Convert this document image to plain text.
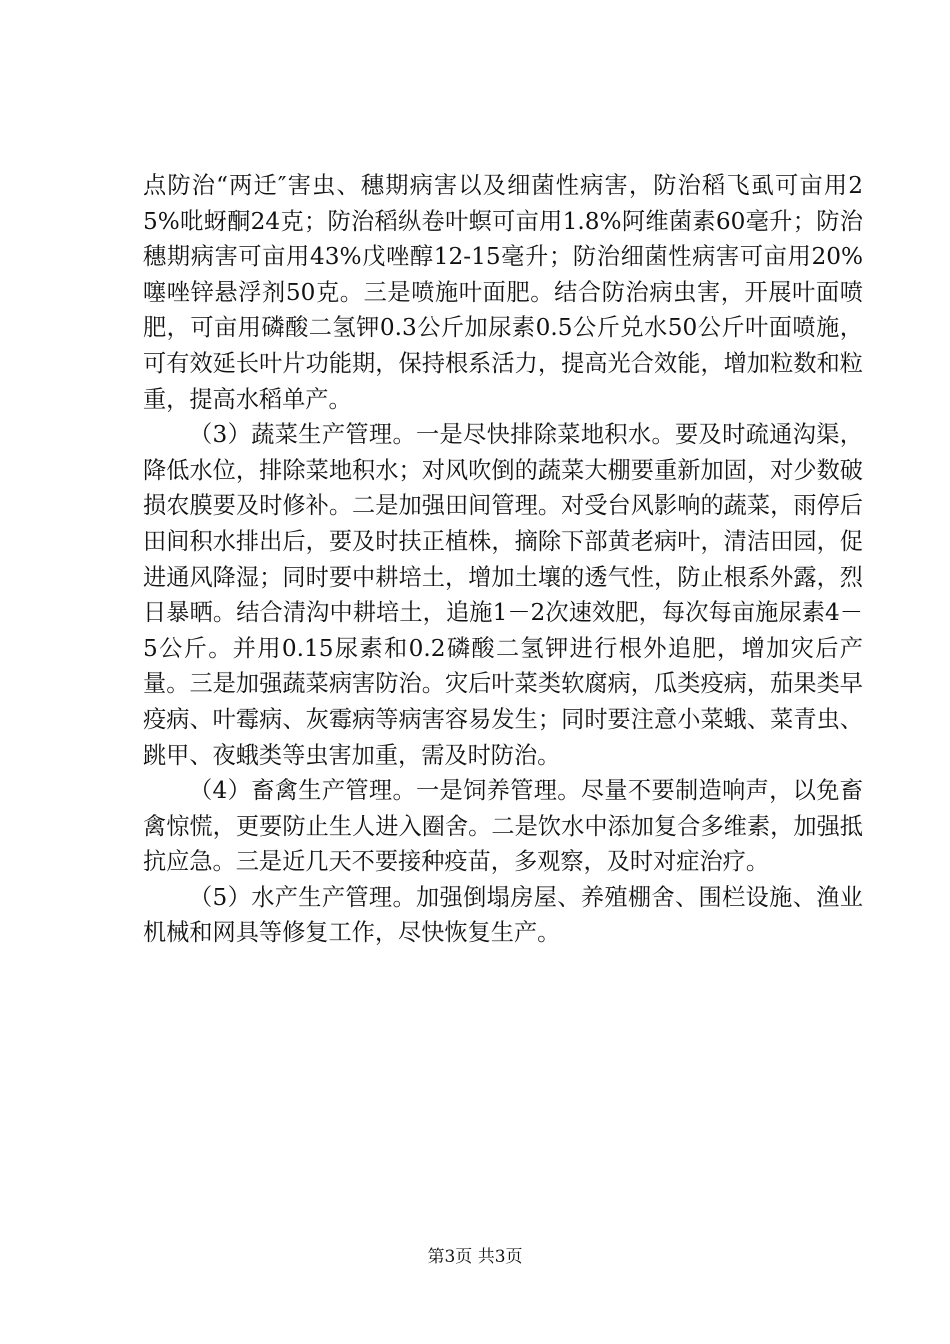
点防治“两迁″害虫、穗期病害以及细菌性病害，防治稻飞虱可亩用25%吡蚜酮24克；防治稻纵卷叶螟可亩用1.8%阿维菌素60毫升；防治穗期病害可亩用43%戊唑醇12-15毫升；防治细菌性病害可亩用20%噻唑锌悬浮剂50克。三是喷施叶面肥。结合防治病虫害，开展叶面喷肥，可亩用磷酸二氢钾0.3公斤加尿素0.5公斤兑水50公斤叶面喷施，可有效延长叶片功能期，保持根系活力，提高光合效能，增加粒数和粒重，提高水稻单产。

（3）蔬菜生产管理。一是尽快排除菜地积水。要及时疏通沟渠，降低水位，排除菜地积水；对风吹倒的蔬菜大棚要重新加固，对少数破损农膜要及时修补。二是加强田间管理。对受台风影响的蔬菜，雨停后田间积水排出后，要及时扶正植株，摘除下部黄老病叶，清洁田园，促进通风降湿；同时要中耕培土，增加土壤的透气性，防止根系外露，烈日暴晒。结合清沟中耕培土，追施1－2次速效肥，每次每亩施尿素4－5公斤。并用0.15尿素和0.2磷酸二氢钾进行根外追肥，增加灾后产量。三是加强蔬菜病害防治。灾后叶菜类软腐病，瓜类疫病，茄果类早疫病、叶霉病、灰霉病等病害容易发生；同时要注意小菜蛾、菜青虫、跳甲、夜蛾类等虫害加重，需及时防治。

（4）畜禽生产管理。一是饲养管理。尽量不要制造响声，以免畜禽惊慌，更要防止生人进入圈舍。二是饮水中添加复合多维素，加强抵抗应急。三是近几天不要接种疫苗，多观察，及时对症治疗。

（5）水产生产管理。加强倒塌房屋、养殖棚舍、围栏设施、渔业机械和网具等修复工作，尽快恢复生产。

第3页 共3页
